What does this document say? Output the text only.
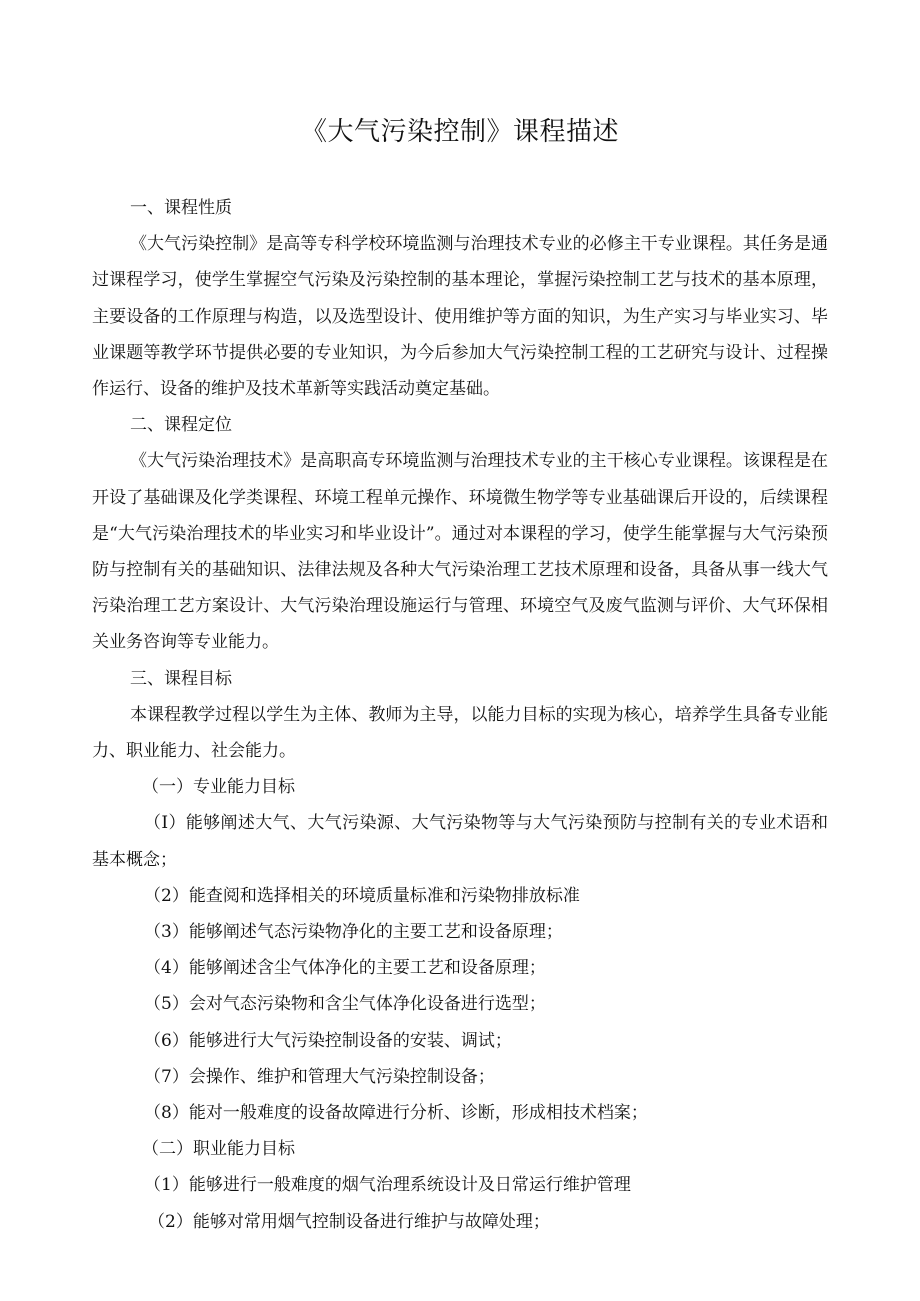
《大气污染控制》课程描述

一、课程性质

《大气污染控制》是高等专科学校环境监测与治理技术专业的必修主干专业课程。其任务是通过课程学习，使学生掌握空气污染及污染控制的基本理论，掌握污染控制工艺与技术的基本原理，主要设备的工作原理与构造，以及选型设计、使用维护等方面的知识，为生产实习与毕业实习、毕业课题等教学环节提供必要的专业知识，为今后参加大气污染控制工程的工艺研究与设计、过程操作运行、设备的维护及技术革新等实践活动奠定基础。

二、课程定位

《大气污染治理技术》是高职高专环境监测与治理技术专业的主干核心专业课程。该课程是在开设了基础课及化学类课程、环境工程单元操作、环境微生物学等专业基础课后开设的，后续课程是“大气污染治理技术的毕业实习和毕业设计”。通过对本课程的学习，使学生能掌握与大气污染预防与控制有关的基础知识、法律法规及各种大气污染治理工艺技术原理和设备，具备从事一线大气污染治理工艺方案设计、大气污染治理设施运行与管理、环境空气及废气监测与评价、大气环保相关业务咨询等专业能力。

三、课程目标

本课程教学过程以学生为主体、教师为主导，以能力目标的实现为核心，培养学生具备专业能力、职业能力、社会能力。

（一）专业能力目标

（I）能够阐述大气、大气污染源、大气污染物等与大气污染预防与控制有关的专业术语和基本概念；

（2）能查阅和选择相关的环境质量标准和污染物排放标准

（3）能够阐述气态污染物净化的主要工艺和设备原理；

（4）能够阐述含尘气体净化的主要工艺和设备原理；

（5）会对气态污染物和含尘气体净化设备进行选型；

（6）能够进行大气污染控制设备的安装、调试；

（7）会操作、维护和管理大气污染控制设备；

（8）能对一般难度的设备故障进行分析、诊断，形成相技术档案；

（二）职业能力目标

（1）能够进行一般难度的烟气治理系统设计及日常运行维护管理

（2）能够对常用烟气控制设备进行维护与故障处理；
